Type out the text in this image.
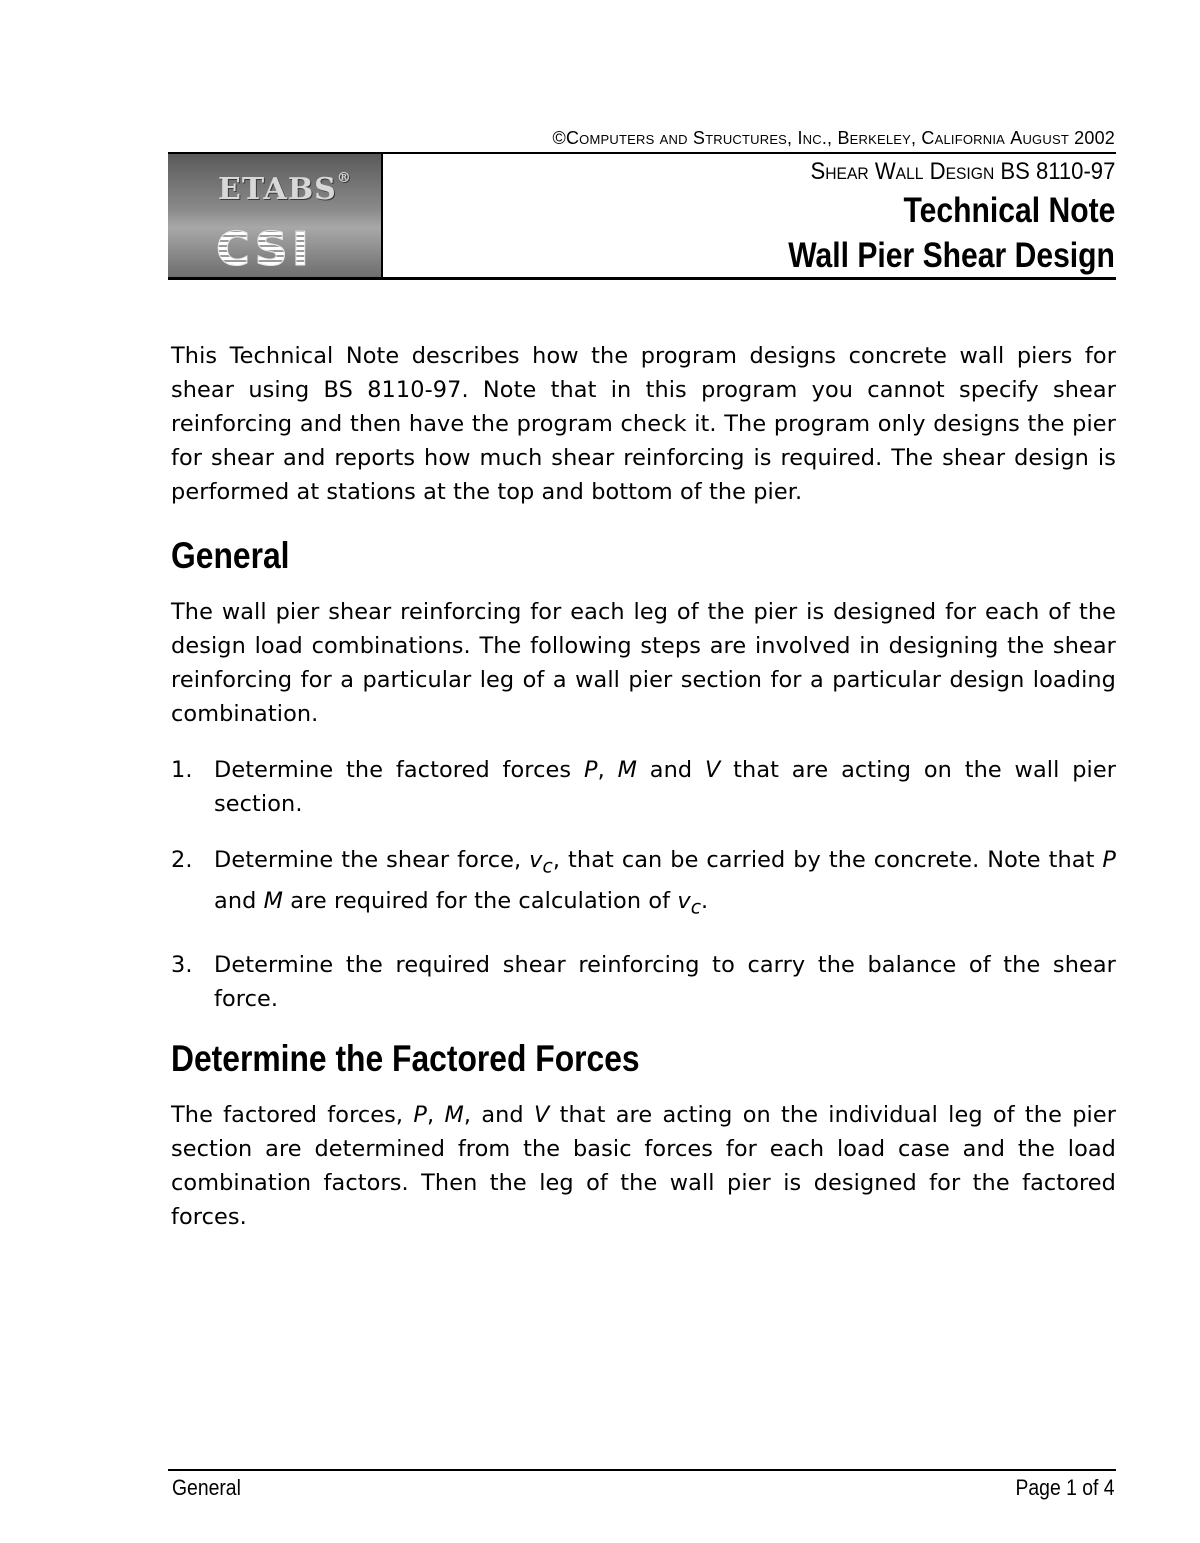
©Computers and Structures, Inc., Berkeley, California August 2002
ETABS®
CSI
Shear Wall Design BS 8110-97
Technical Note
Wall Pier Shear Design

This Technical Note describes how the program designs concrete wall piers for shear using BS 8110-97. Note that in this program you cannot specify shear reinforcing and then have the program check it. The program only designs the pier for shear and reports how much shear reinforcing is required. The shear design is performed at stations at the top and bottom of the pier.

General

The wall pier shear reinforcing for each leg of the pier is designed for each of the design load combinations. The following steps are involved in designing the shear reinforcing for a particular leg of a wall pier section for a particular design loading combination.

1. Determine the factored forces P, M and V that are acting on the wall pier section.
2. Determine the shear force, $v_c$, that can be carried by the concrete. Note that P and M are required for the calculation of $v_c$.
3. Determine the required shear reinforcing to carry the balance of the shear force.
Determine the Factored Forces

The factored forces, P, M, and V that are acting on the individual leg of the pier section are determined from the basic forces for each load case and the load combination factors. Then the leg of the wall pier is designed for the factored forces.

General	Page 1 of 4
